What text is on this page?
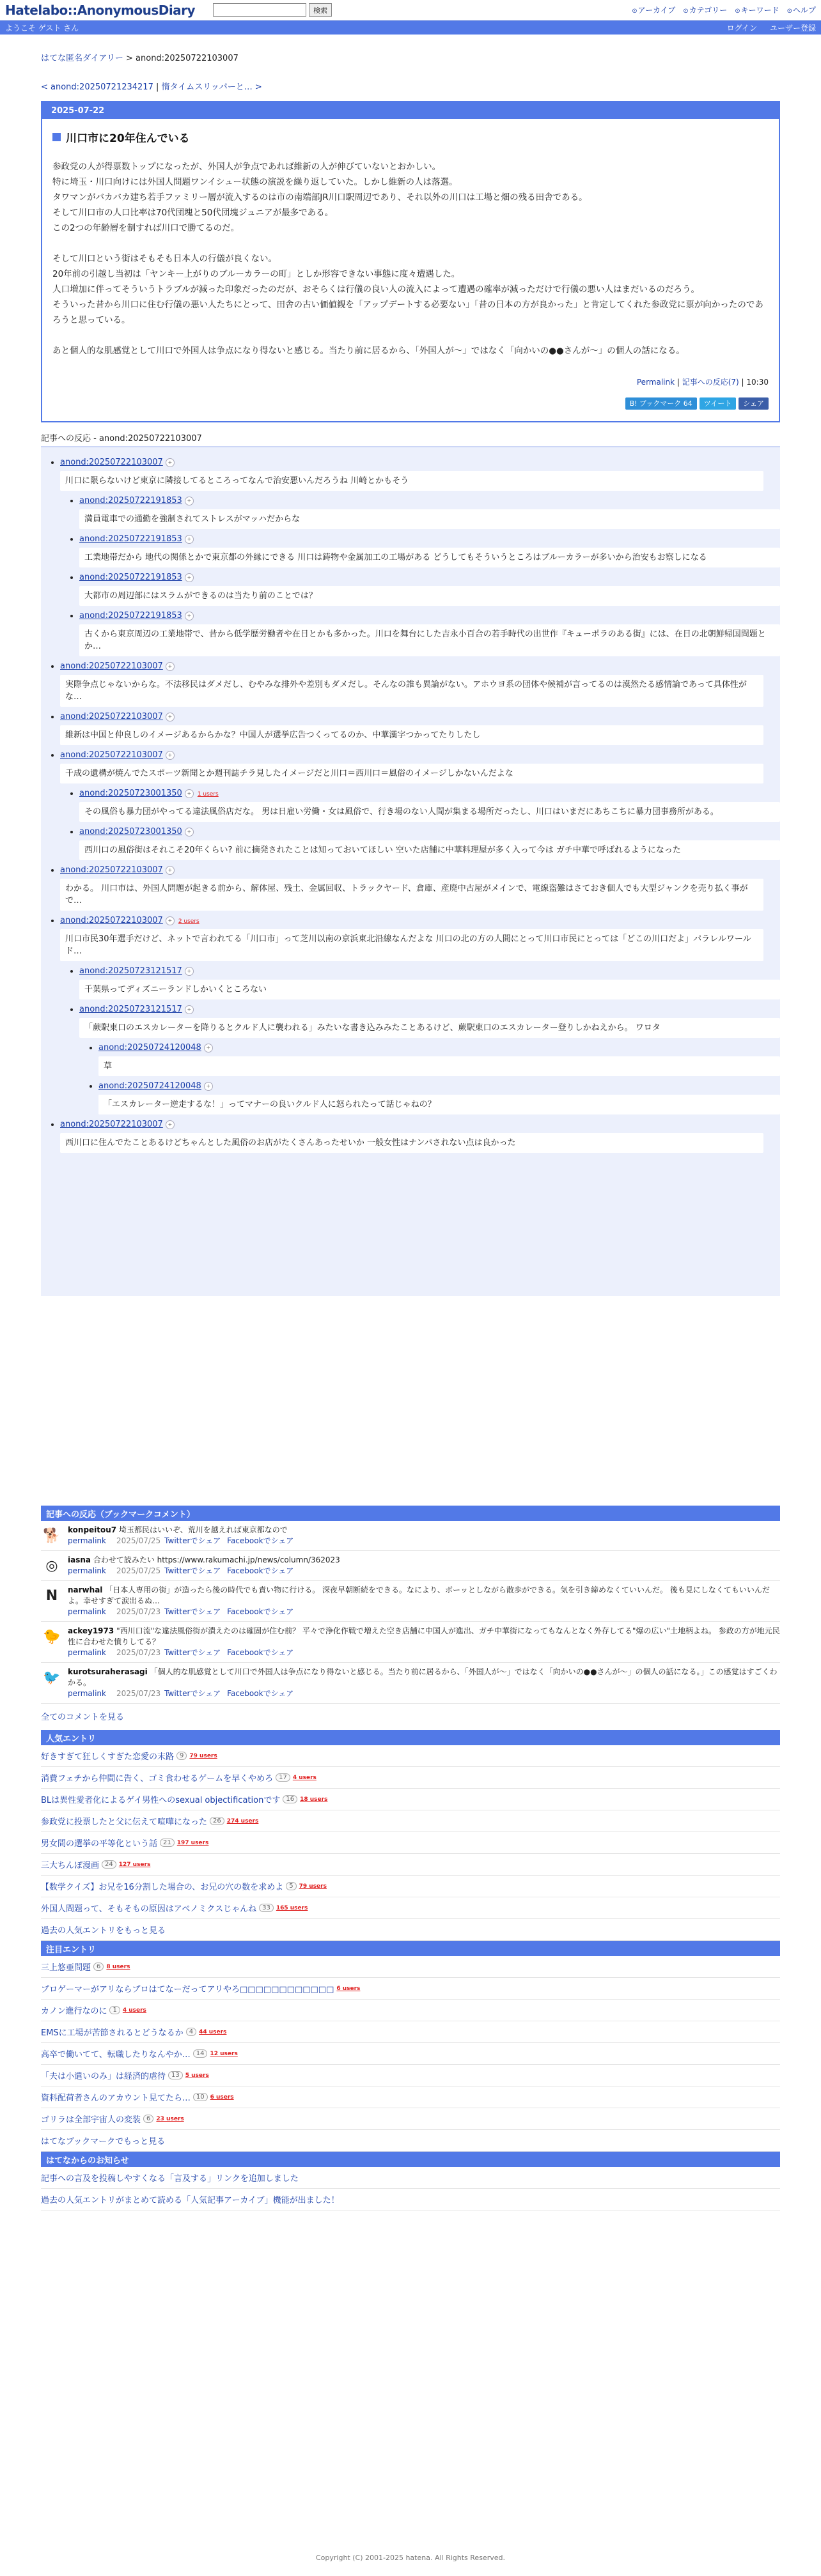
Hatelabo::AnonymousDiary	検索	⊙ アーカイブ	⊙ カテゴリー	⊙ キーワード	⊙ ヘルプ
ようこそ ゲスト さん	ログイン ユーザー登録
はてな匿名ダイアリー > anond:20250722103007
< anond:20250721234217 | 惰タイムスリッパーと… >
2025-07-22
川口市に20年住んでいる

参政党の人が得票数トップになったが、外国人が争点であれば維新の人が伸びていないとおかしい。

特に埼玉・川口向けには外国人問題ワンイシュー状態の演説を繰り返していた。しかし維新の人は落選。

タワマンがバカバカ建ち若手ファミリー層が流入するのは市の南端部JR川口駅周辺であり、それ以外の川口は工場と畑の残る田舎である。

そして川口市の人口比率は70代団塊と50代団塊ジュニアが最多である。

この2つの年齢層を制すれば川口で勝てるのだ。

そして川口という街はそもそも日本人の行儀が良くない。

20年前の引越し当初は「ヤンキー上がりのブルーカラーの町」としか形容できない事態に度々遭遇した。

人口増加に伴ってそういうトラブルが減った印象だったのだが、おそらくは行儀の良い人の流入によって遭遇の確率が減っただけで行儀の悪い人はまだいるのだろう。

そういった昔から川口に住む行儀の悪い人たちにとって、田舎の古い価値観を「アップデートする必要ない」「昔の日本の方が良かった」と肯定してくれた参政党に票が向かったのであろうと思っている。

あと個人的な肌感覚として川口で外国人は争点になり得ないと感じる。当たり前に居るから、「外国人が〜」ではなく「向かいの●●さんが〜」の個人の話になる。

Permalink | 記事への反応(7) | 10:30
B! ブックマーク 64	ツイート	シェア
記事への反応 - anond:20250722103007
• anond:20250722103007 +
川口に限らないけど東京に隣接してるところってなんで治安悪いんだろうね 川崎とかもそう
• anond:20250722191853 +
満員電車での通勤を強制されてストレスがマッハだからな
• anond:20250722191853 +
工業地帯だから 地代の関係とかで東京都の外縁にできる 川口は鋳物や金属加工の工場がある どうしてもそういうところはブルーカラーが多いから治安もお察しになる
• anond:20250722191853 +
大都市の周辺部にはスラムができるのは当たり前のことでは？
• anond:20250722191853 +
古くから東京周辺の工業地帯で、昔から低学歴労働者や在日とかも多かった。川口を舞台にした吉永小百合の若手時代の出世作『キューポラのある街』には、在日の北朝鮮帰国問題とか…
• anond:20250722103007 +
実際争点じゃないからな。不法移民はダメだし、むやみな排外や差別もダメだし。そんなの誰も異論がない。アホウヨ系の団体や候補が言ってるのは漠然たる感情論であって具体性がな…
• anond:20250722103007 +
維新は中国と仲良しのイメージあるからかな？中国人が選挙広告つくってるのか、中華漢字つかってたりしたし
• anond:20250722103007 +
千成の遺構が焼んでたスポーツ新聞とか週刊誌チラ見したイメージだと川口＝西川口＝風俗のイメージしかないんだよな
• anond:20250723001350 + 1 users
その風俗も暴力団がやってる違法風俗店だな。 男は日雇い労働・女は風俗で、行き場のない人間が集まる場所だったし、川口はいまだにあちこちに暴力団事務所がある。
• anond:20250723001350 +
西川口の風俗街はそれこそ20年くらい? 前に摘発されたことは知っておいてほしい 空いた店舗に中華料理屋が多く入って今は ガチ中華で呼ばれるようになった
• anond:20250722103007 +
わかる。 川口市は、外国人問題が起きる前から、解体屋、残土、金属回収、トラックヤード、倉庫、産廃中古屋がメインで、電線盗難はさておき個人でも大型ジャンクを売り払く事がで…
• anond:20250722103007 + 2 users
川口市民30年選手だけど、ネットで言われてる「川口市」って芝川以南の京浜東北沿線なんだよな 川口の北の方の人間にとって川口市民にとっては「どこの川口だよ」パラレルワールド…
• anond:20250723121517 +
千葉県ってディズニーランドしかいくところない
• anond:20250723121517 +
「蕨駅東口のエスカレーターを降りるとクルド人に襲われる」みたいな書き込みみたことあるけど、蕨駅東口のエスカレーター登りしかねえから。 ワロタ
• anond:20250724120048 +
草
• anond:20250724120048 +
「エスカレーター逆走するな！」ってマナーの良いクルド人に怒られたって話じゃねの？
• anond:20250722103007 +
西川口に住んでたことあるけどちゃんとした風俗のお店がたくさんあったせいか 一般女性はナンパされない点は良かった
記事への反応（ブックマークコメント）
🐕 konpeitou7 埼玉都民はいいぞ、荒川を越えれば東京都なので
permalink 2025/07/25 Twitterでシェア Facebookでシェア
◎	iasna 合わせて読みたい https://www.rakumachi.jp/news/column/362023
permalink 2025/07/25 Twitterでシェア Facebookでシェア
N	narwhal 「日本人専用の街」が造ったら後の時代でも責い物に行ける。 深夜早朝断続をできる。なにより、ボーッとしながら散歩ができる。気を引き締めなくていいんだ。 後も見にしなくてもいいんだよ。幸せすぎて涙出るぬ…
permalink 2025/07/23 Twitterでシェア Facebookでシェア
🐤 ackey1973 "西川口流"な違法風俗街が潰えたのは確固が住む前？ 平々で浄化作戦で増えた空き店舗に中国人が進出、ガチ中華街になってもなんとなく外存してる"爆の広い"土地柄よね。 参政の方が地元民性に合わせた憤りしてる？
permalink 2025/07/23 Twitterでシェア Facebookでシェア
🐦 kurotsuraherasagi 「個人的な肌感覚として川口で外国人は争点になり得ないと感じる。当たり前に居るから、「外国人が〜」ではなく「向かいの●●さんが〜」の個人の話になる。」この感覚はすごくわかる。
permalink 2025/07/23 Twitterでシェア Facebookでシェア
全てのコメントを見る
人気エントリ
好きすぎて狂しくすぎた恋愛の末路 9	79 users
消費フェチから仲間に告く、ゴミ食わせるゲームを早くやめろ 17	4 users
BLは異性愛者化によるゲイ男性へのsexual objectificationです 16	18 users
参政党に投票したと父に伝えて喧嘩になった 26	274 users
男女間の選挙の平等化という話 21	197 users
三大ちんぽ漫画 24	127 users
【数学クイズ】お兄を16分割した場合の、お兄の穴の数を求めよ 5	79 users
外国人問題って、そもそもの原因はアベノミクスじゃんね 33	165 users
過去の人気エントリをもっと見る
注目エントリ
三上悠亜問題 6	8 users
プロゲーマーがアリならプロはてなーだってアリやろ□□□□□□□□□□□□ 6 users
カノン進行なのに 1	4 users
EMSに工場が苦節されるとどうなるか 4	44 users
高卒で働いてて、転職したりなんやか… 14	12 users
「夫は小遣いのみ」は経済的虐待 13	5 users
資料配荷者さんのアカウント見てたら… 10	6 users
ゴリラは全部宇宙人の変装 6	23 users
はてなブックマークでもっと見る
はてなからのお知らせ
記事への言及を投稿しやすくなる「言及する」リンクを追加しました
過去の人気エントリがまとめて読める「人気記事アーカイブ」機能が出ました！
Copyright (C) 2001-2025 hatena. All Rights Reserved.
